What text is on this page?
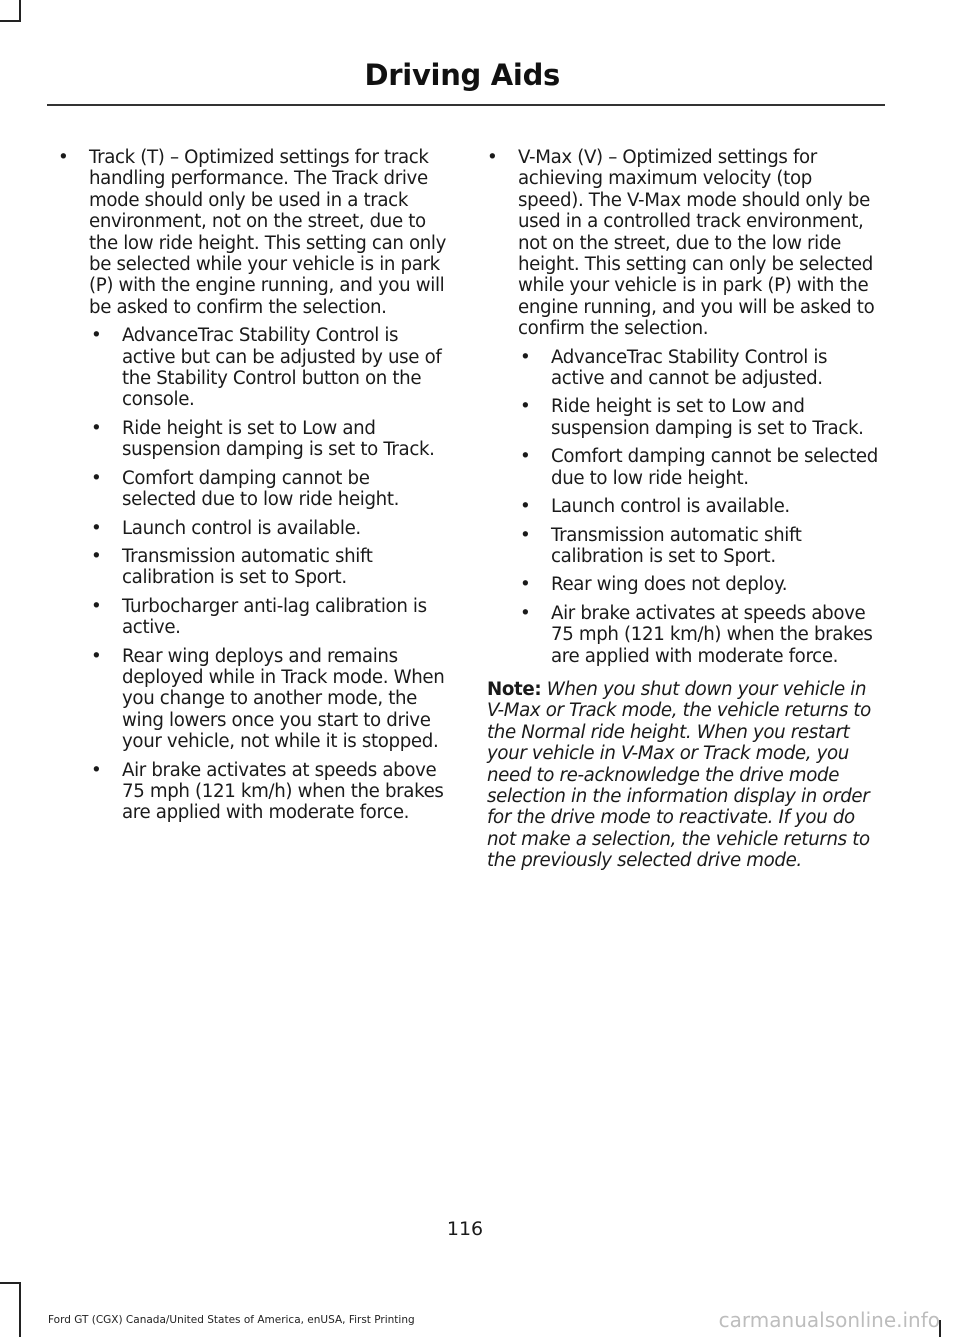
Driving Aids
• Track (T) – Optimized settings for track handling performance. The Track drive mode should only be used in a track environment, not on the street, due to the low ride height. This setting can only be selected while your vehicle is in park (P) with the engine running, and you will be asked to confirm the selection.
• AdvanceTrac Stability Control is active but can be adjusted by use of the Stability Control button on the console.
• Ride height is set to Low and suspension damping is set to Track.
• Comfort damping cannot be selected due to low ride height.
• Launch control is available.
• Transmission automatic shift calibration is set to Sport.
• Turbocharger anti-lag calibration is active.
• Rear wing deploys and remains deployed while in Track mode. When you change to another mode, the wing lowers once you start to drive your vehicle, not while it is stopped.
• Air brake activates at speeds above 75 mph (121 km/h) when the brakes are applied with moderate force.
• V-Max (V) – Optimized settings for achieving maximum velocity (top speed). The V-Max mode should only be used in a controlled track environment, not on the street, due to the low ride height. This setting can only be selected while your vehicle is in park (P) with the engine running, and you will be asked to confirm the selection.
• AdvanceTrac Stability Control is active and cannot be adjusted.
• Ride height is set to Low and suspension damping is set to Track.
• Comfort damping cannot be selected due to low ride height.
• Launch control is available.
• Transmission automatic shift calibration is set to Sport.
• Rear wing does not deploy.
• Air brake activates at speeds above 75 mph (121 km/h) when the brakes are applied with moderate force.
Note: When you shut down your vehicle in V-Max or Track mode, the vehicle returns to the Normal ride height. When you restart your vehicle in V-Max or Track mode, you need to re-acknowledge the drive mode selection in the information display in order for the drive mode to reactivate. If you do not make a selection, the vehicle returns to the previously selected drive mode.
116
Ford GT (CGX) Canada/United States of America, enUSA, First Printing	carmanualsonline.info
